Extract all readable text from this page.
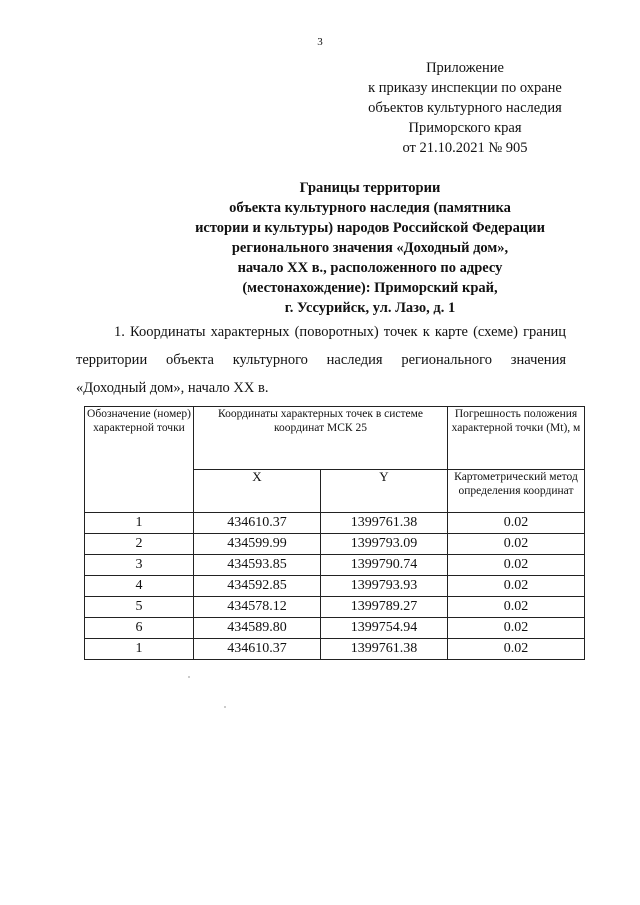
3
Приложение
к приказу инспекции по охране
объектов культурного наследия
Приморского края
от 21.10.2021 № 905
Границы территории
объекта культурного наследия (памятника
истории и культуры) народов Российской Федерации
регионального значения «Доходный дом»,
начало XX в., расположенного по адресу
(местонахождение): Приморский край,
г. Уссурийск, ул. Лазо, д. 1
1. Координаты характерных (поворотных) точек к карте (схеме) границ
территории объекта культурного наследия регионального значения
«Доходный дом», начало XX в.
Обозначение (номер) характерной точки	Координаты характерных точек в системе координат МСК 25		Погрешность положения характерной точки (Mt), м
	X	Y	Картометрический метод определения координат
1	434610.37	1399761.38	0.02
2	434599.99	1399793.09	0.02
3	434593.85	1399790.74	0.02
4	434592.85	1399793.93	0.02
5	434578.12	1399789.27	0.02
6	434589.80	1399754.94	0.02
1	434610.37	1399761.38	0.02
